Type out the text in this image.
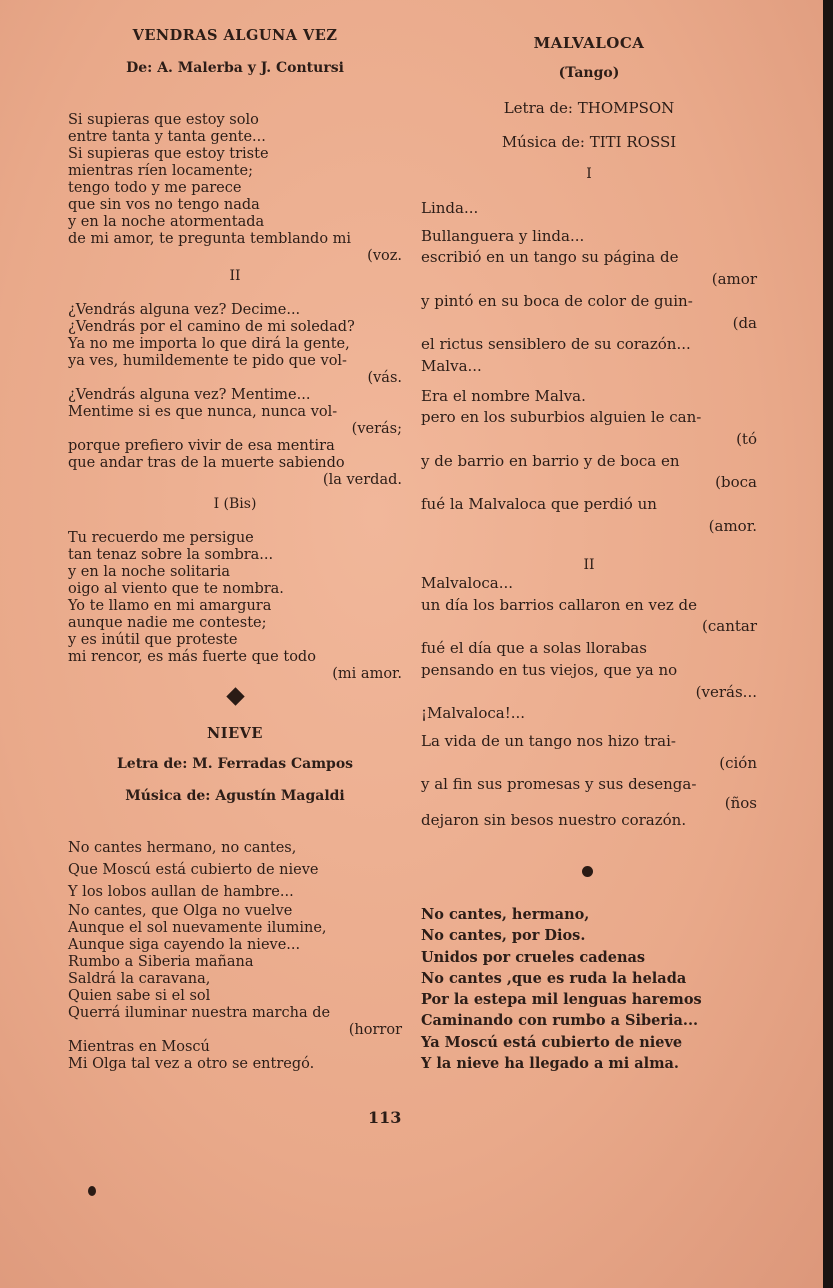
VENDRAS ALGUNA VEZ
De: A. Malerba y J. Contursi
Si supieras que estoy solo
entre tanta y tanta gente...
Si supieras que estoy triste
mientras ríen locamente;
tengo todo y me parece
que sin vos no tengo nada
y en la noche atormentada
de mi amor, te pregunta temblando mi
(voz.
II
¿Vendrás alguna vez? Decime...
¿Vendrás por el camino de mi soledad?
Ya no me importa lo que dirá la gente,
ya ves, humildemente te pido que vol-
(vás.
¿Vendrás alguna vez? Mentime...
Mentime si es que nunca, nunca vol-
(verás;
porque prefiero vivir de esa mentira
que andar tras de la muerte sabiendo
(la verdad.
I (Bis)
Tu recuerdo me persigue
tan tenaz sobre la sombra...
y en la noche solitaria
oigo al viento que te nombra.
Yo te llamo en mi amargura
aunque nadie me conteste;
y es inútil que proteste
mi rencor, es más fuerte que todo
(mi amor.
NIEVE
Letra de: M. Ferradas Campos
Música de: Agustín Magaldi
No cantes hermano, no cantes,
Que Moscú está cubierto de nieve
Y los lobos aullan de hambre...
No cantes, que Olga no vuelve
Aunque el sol nuevamente ilumine,
Aunque siga cayendo la nieve...
Rumbo a Siberia mañana
Saldrá la caravana,
Quien sabe si el sol
Querrá iluminar nuestra marcha de
(horror
Mientras en Moscú
Mi Olga tal vez a otro se entregó.
MALVALOCA
(Tango)
Letra de: THOMPSON
Música de: TITI ROSSI
I
Linda...
Bullanguera y linda...
escribió en un tango su página de
(amor
y pintó en su boca de color de guin-
(da
el rictus sensiblero de su corazón...
Malva...
Era el nombre Malva.
pero en los suburbios alguien le can-
(tó
y de barrio en barrio y de boca en
(boca
fué la Malvaloca que perdió un
(amor.
II
Malvaloca...
un día los barrios callaron en vez de
(cantar
fué el día que a solas llorabas
pensando en tus viejos, que ya no
(verás...
¡Malvaloca!...
La vida de un tango nos hizo trai-
(ción
y al fin sus promesas y sus desenga-
(ños
dejaron sin besos nuestro corazón.
No cantes, hermano,
No cantes, por Dios.
Unidos por crueles cadenas
No cantes ,que es ruda la helada
Por la estepa mil lenguas haremos
Caminando con rumbo a Siberia...
Ya Moscú está cubierto de nieve
Y la nieve ha llegado a mi alma.
113
